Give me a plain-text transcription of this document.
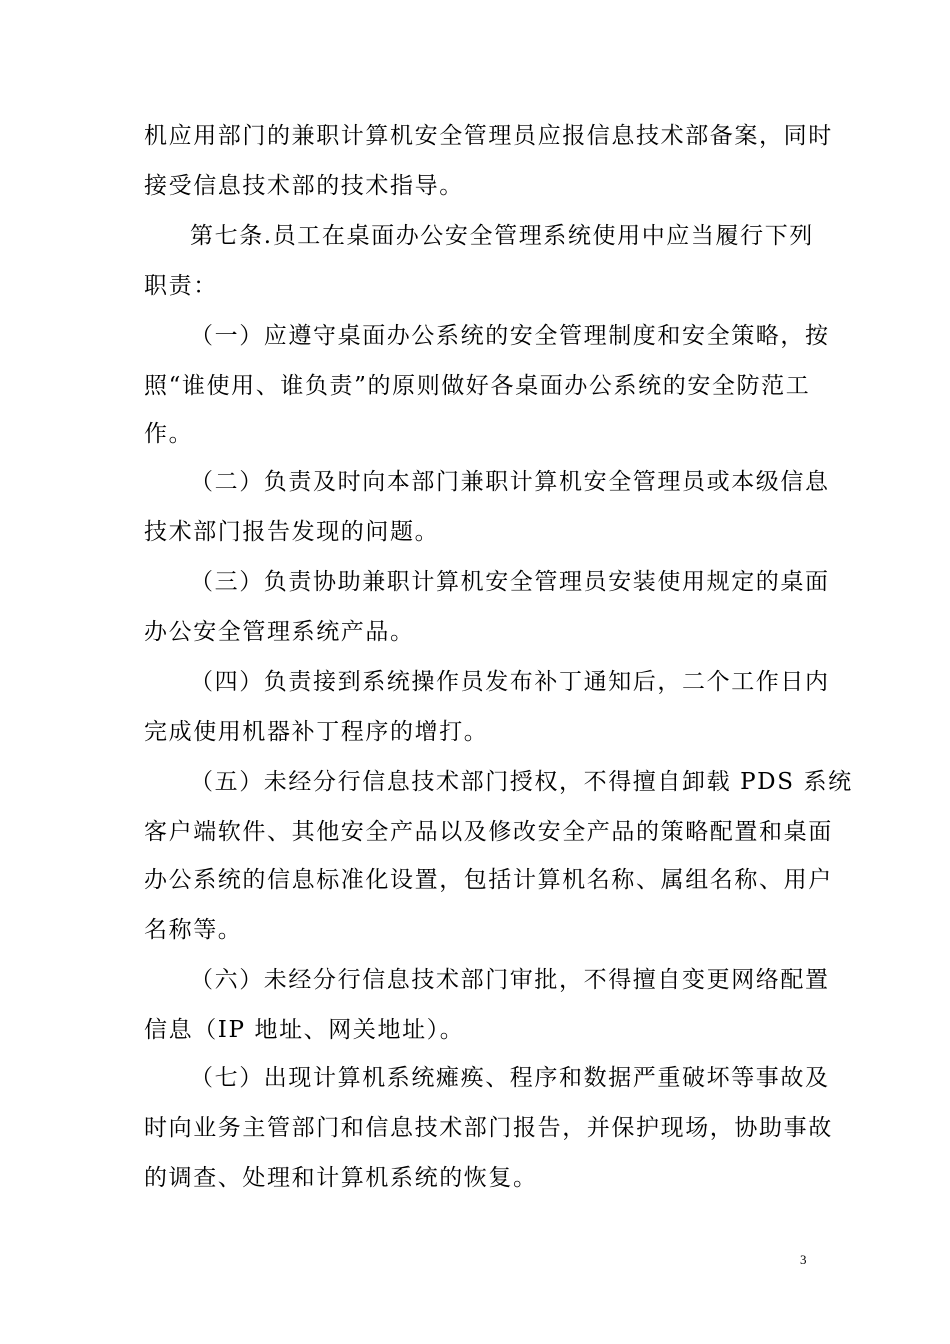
机应用部门的兼职计算机安全管理员应报信息技术部备案，同时
接受信息技术部的技术指导。
第七条.员工在桌面办公安全管理系统使用中应当履行下列
职责：
（一）应遵守桌面办公系统的安全管理制度和安全策略，按
照“谁使用、谁负责”的原则做好各桌面办公系统的安全防范工
作。
（二）负责及时向本部门兼职计算机安全管理员或本级信息
技术部门报告发现的问题。
（三）负责协助兼职计算机安全管理员安装使用规定的桌面
办公安全管理系统产品。
（四）负责接到系统操作员发布补丁通知后，二个工作日内
完成使用机器补丁程序的增打。
（五）未经分行信息技术部门授权，不得擅自卸载 PDS 系统
客户端软件、其他安全产品以及修改安全产品的策略配置和桌面
办公系统的信息标准化设置，包括计算机名称、属组名称、用户
名称等。
（六）未经分行信息技术部门审批，不得擅自变更网络配置
信息（IP 地址、网关地址）。
（七）出现计算机系统瘫痪、程序和数据严重破坏等事故及
时向业务主管部门和信息技术部门报告，并保护现场，协助事故
的调查、处理和计算机系统的恢复。
3
